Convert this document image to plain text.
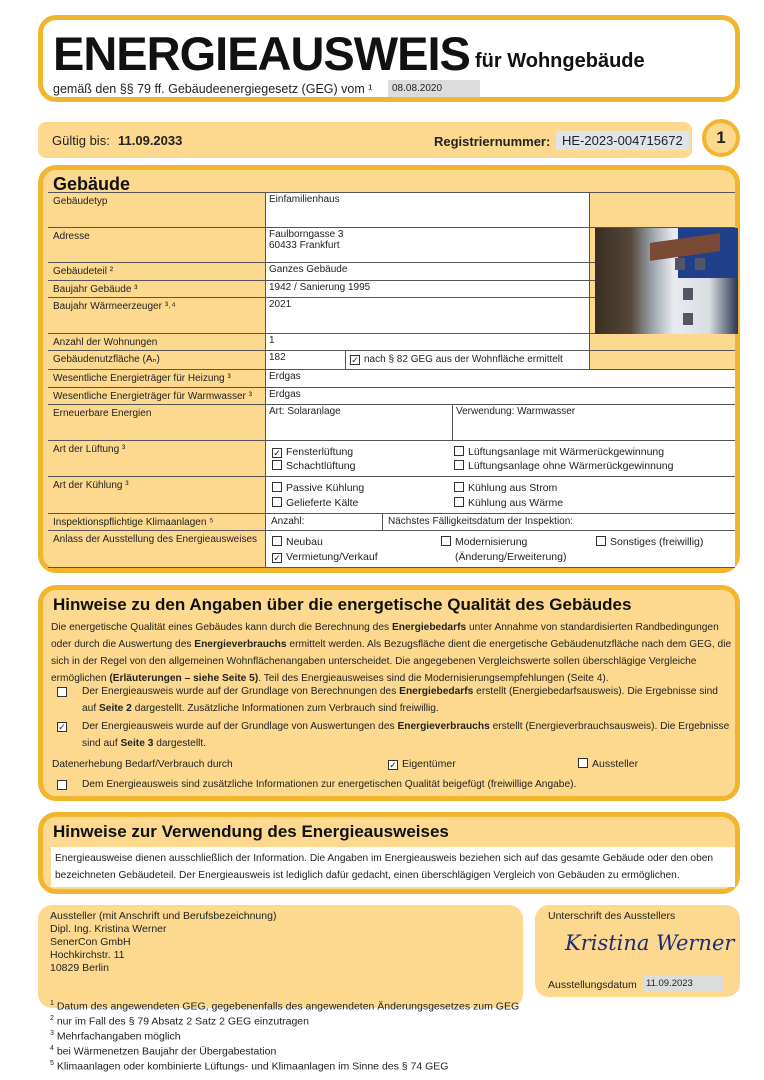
ENERGIEAUSWEIS für Wohngebäude
gemäß den §§ 79 ff. Gebäudeenergiegesetz (GEG) vom ¹	08.08.2020
Gültig bis: 11.09.2033	Registriernummer: HE-2023-004715672	1
Gebäude
Gebäudetyp	Einfamilienhaus
Adresse	Faulborngasse 3
60433 Frankfurt
Gebäudeteil ²	Ganzes Gebäude
Baujahr Gebäude ³	1942 / Sanierung 1995
Baujahr Wärmeerzeuger ³˒⁴	2021
Anzahl der Wohnungen	1
Gebäudenutzfläche (Aₙ)	182	✓ nach § 82 GEG aus der Wohnfläche ermittelt
Wesentliche Energieträger für Heizung ³	Erdgas
Wesentliche Energieträger für Warmwasser ³	Erdgas
Erneuerbare Energien	Art: Solaranlage	Verwendung: Warmwasser
Art der Lüftung ³	✓ Fensterlüftung
Schachtlüftung
Lüftungsanlage mit Wärmerückgewinnung
Lüftungsanlage ohne Wärmerückgewinnung
Art der Kühlung ³	Passive Kühlung
Gelieferte Kälte
Kühlung aus Strom
Kühlung aus Wärme
Inspektionspflichtige Klimaanlagen ⁵	Anzahl:	Nächstes Fälligkeitsdatum der Inspektion:
Anlass der Ausstellung des Energieausweises	Neubau
✓ Vermietung/Verkauf
Modernisierung
(Änderung/Erweiterung)
Sonstiges (freiwillig)
Hinweise zu den Angaben über die energetische Qualität des Gebäudes
Die energetische Qualität eines Gebäudes kann durch die Berechnung des Energiebedarfs unter Annahme von standardisierten Randbedingungen oder durch die Auswertung des Energieverbrauchs ermittelt werden. Als Bezugsfläche dient die energetische Gebäudenutzfläche nach dem GEG, die sich in der Regel von den allgemeinen Wohnflächenangaben unterscheidet. Die angegebenen Vergleichswerte sollen überschlägige Vergleiche ermöglichen (Erläuterungen – siehe Seite 5). Teil des Energieausweises sind die Modernisierungsempfehlungen (Seite 4).
Der Energieausweis wurde auf der Grundlage von Berechnungen des Energiebedarfs erstellt (Energiebedarfsausweis). Die Ergebnisse sind auf Seite 2 dargestellt. Zusätzliche Informationen zum Verbrauch sind freiwillig.
✓ Der Energieausweis wurde auf der Grundlage von Auswertungen des Energieverbrauchs erstellt (Energieverbrauchsausweis). Die Ergebnisse sind auf Seite 3 dargestellt.
Datenerhebung Bedarf/Verbrauch durch	✓ Eigentümer	Aussteller
Dem Energieausweis sind zusätzliche Informationen zur energetischen Qualität beigefügt (freiwillige Angabe).
Hinweise zur Verwendung des Energieausweises
Energieausweise dienen ausschließlich der Information. Die Angaben im Energieausweis beziehen sich auf das gesamte Gebäude oder den oben bezeichneten Gebäudeteil. Der Energieausweis ist lediglich dafür gedacht, einen überschlägigen Vergleich von Gebäuden zu ermöglichen.
Aussteller (mit Anschrift und Berufsbezeichnung)
Dipl. Ing. Kristina Werner
SenerCon GmbH
Hochkirchstr. 11
10829 Berlin
Unterschrift des Ausstellers
Kristina Werner
Ausstellungsdatum 11.09.2023
$^1$ Datum des angewendeten GEG, gegebenenfalls des angewendeten Änderungsgesetzes zum GEG
$^2$ nur im Fall des § 79 Absatz 2 Satz 2 GEG einzutragen
$^3$ Mehrfachangaben möglich
$^4$ bei Wärmenetzen Baujahr der Übergabestation
$^5$ Klimaanlagen oder kombinierte Lüftungs- und Klimaanlagen im Sinne des § 74 GEG
